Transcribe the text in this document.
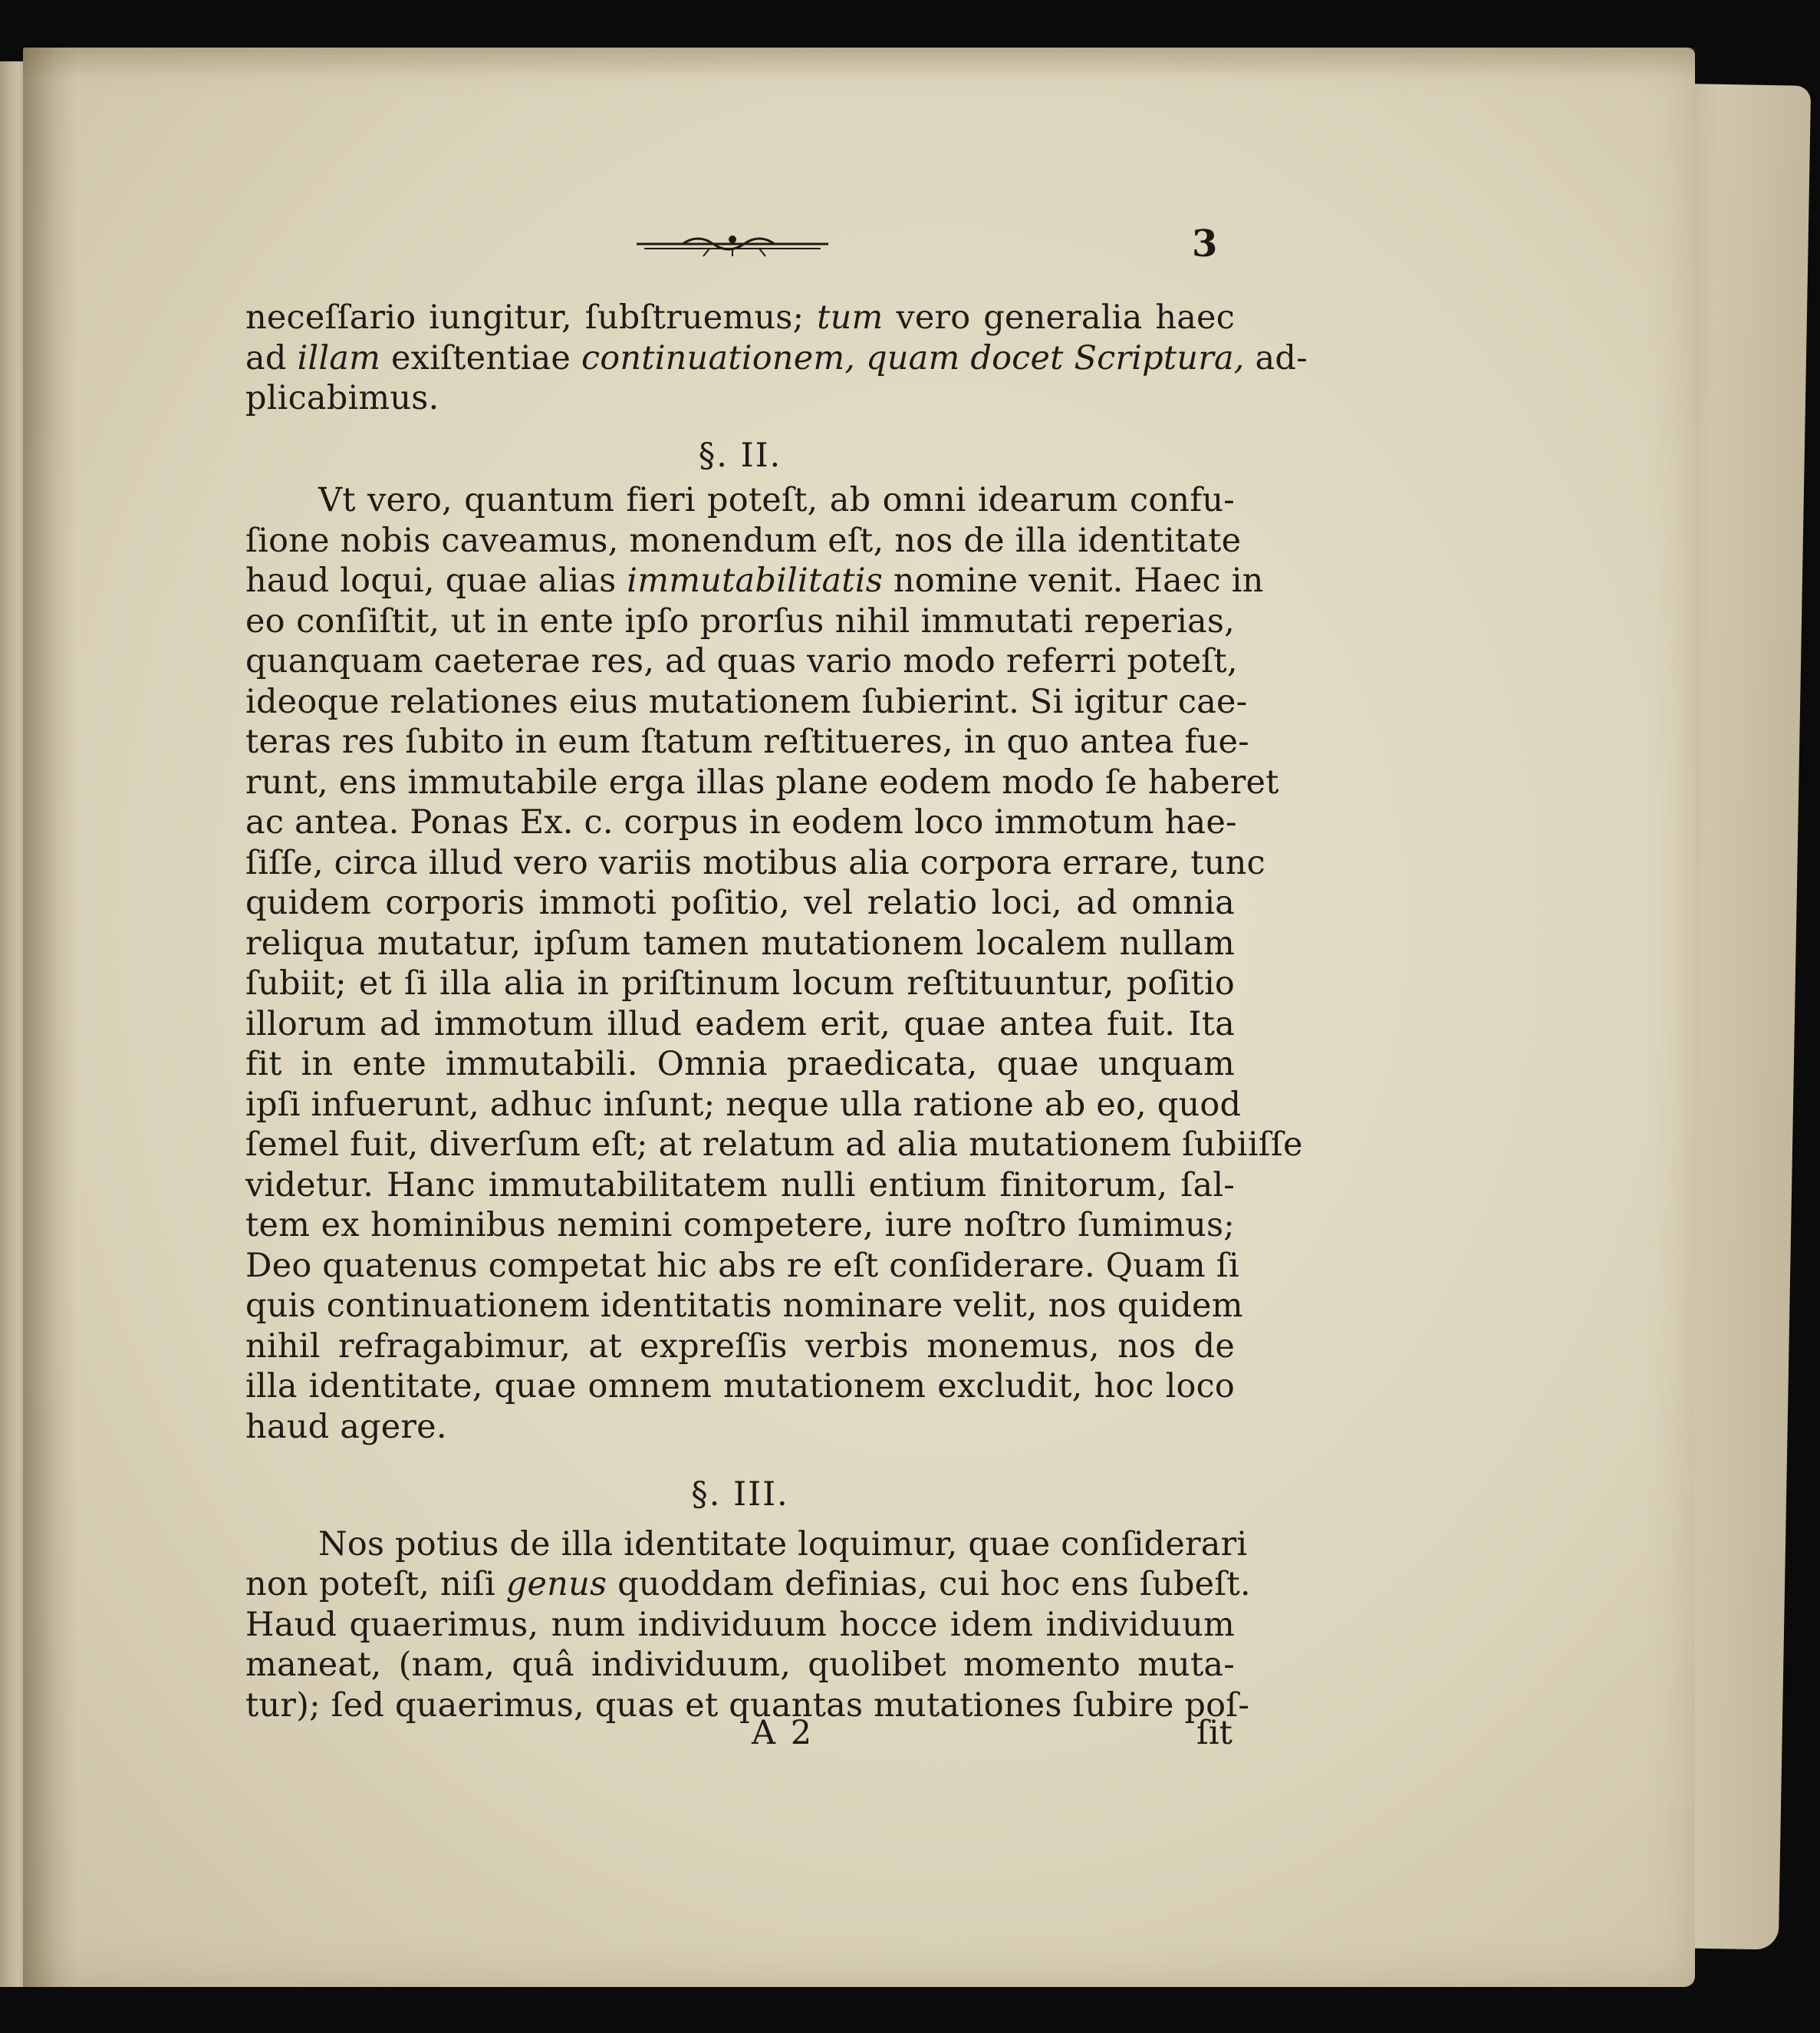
3
neceſſario iungitur, ſubſtruemus; tum vero generalia haec
ad illam exiſtentiae continuationem, quam docet Scriptura, ad-
plicabimus.
§. II.
Vt vero, quantum fieri poteſt, ab omni idearum confu-
ſione nobis caveamus, monendum eſt, nos de illa identitate
haud loqui, quae alias immutabilitatis nomine venit. Haec in
eo conſiſtit, ut in ente ipſo prorſus nihil immutati reperias,
quanquam caeterae res, ad quas vario modo referri poteſt,
ideoque relationes eius mutationem ſubierint. Si igitur cae-
teras res ſubito in eum ſtatum reſtitueres, in quo antea fue-
runt, ens immutabile erga illas plane eodem modo ſe haberet
ac antea. Ponas Ex. c. corpus in eodem loco immotum hae-
ſiſſe, circa illud vero variis motibus alia corpora errare, tunc
quidem corporis immoti poſitio, vel relatio loci, ad omnia
reliqua mutatur, ipſum tamen mutationem localem nullam
ſubiit; et ſi illa alia in priſtinum locum reſtituuntur, poſitio
illorum ad immotum illud eadem erit, quae antea fuit. Ita
fit in ente immutabili. Omnia praedicata, quae unquam
ipſi infuerunt, adhuc inſunt; neque ulla ratione ab eo, quod
ſemel fuit, diverſum eſt; at relatum ad alia mutationem ſubiiſſe
videtur. Hanc immutabilitatem nulli entium finitorum, ſal-
tem ex hominibus nemini competere, iure noſtro ſumimus;
Deo quatenus competat hic abs re eſt conſiderare. Quam ſi
quis continuationem identitatis nominare velit, nos quidem
nihil refragabimur, at expreſſis verbis monemus, nos de
illa identitate, quae omnem mutationem excludit, hoc loco
haud agere.
§. III.
Nos potius de illa identitate loquimur, quae conſiderari
non poteſt, niſi genus quoddam definias, cui hoc ens ſubeſt.
Haud quaerimus, num individuum hocce idem individuum
maneat, (nam, quâ individuum, quolibet momento muta-
tur); ſed quaerimus, quas et quantas mutationes ſubire poſ-
A 2	ſit
